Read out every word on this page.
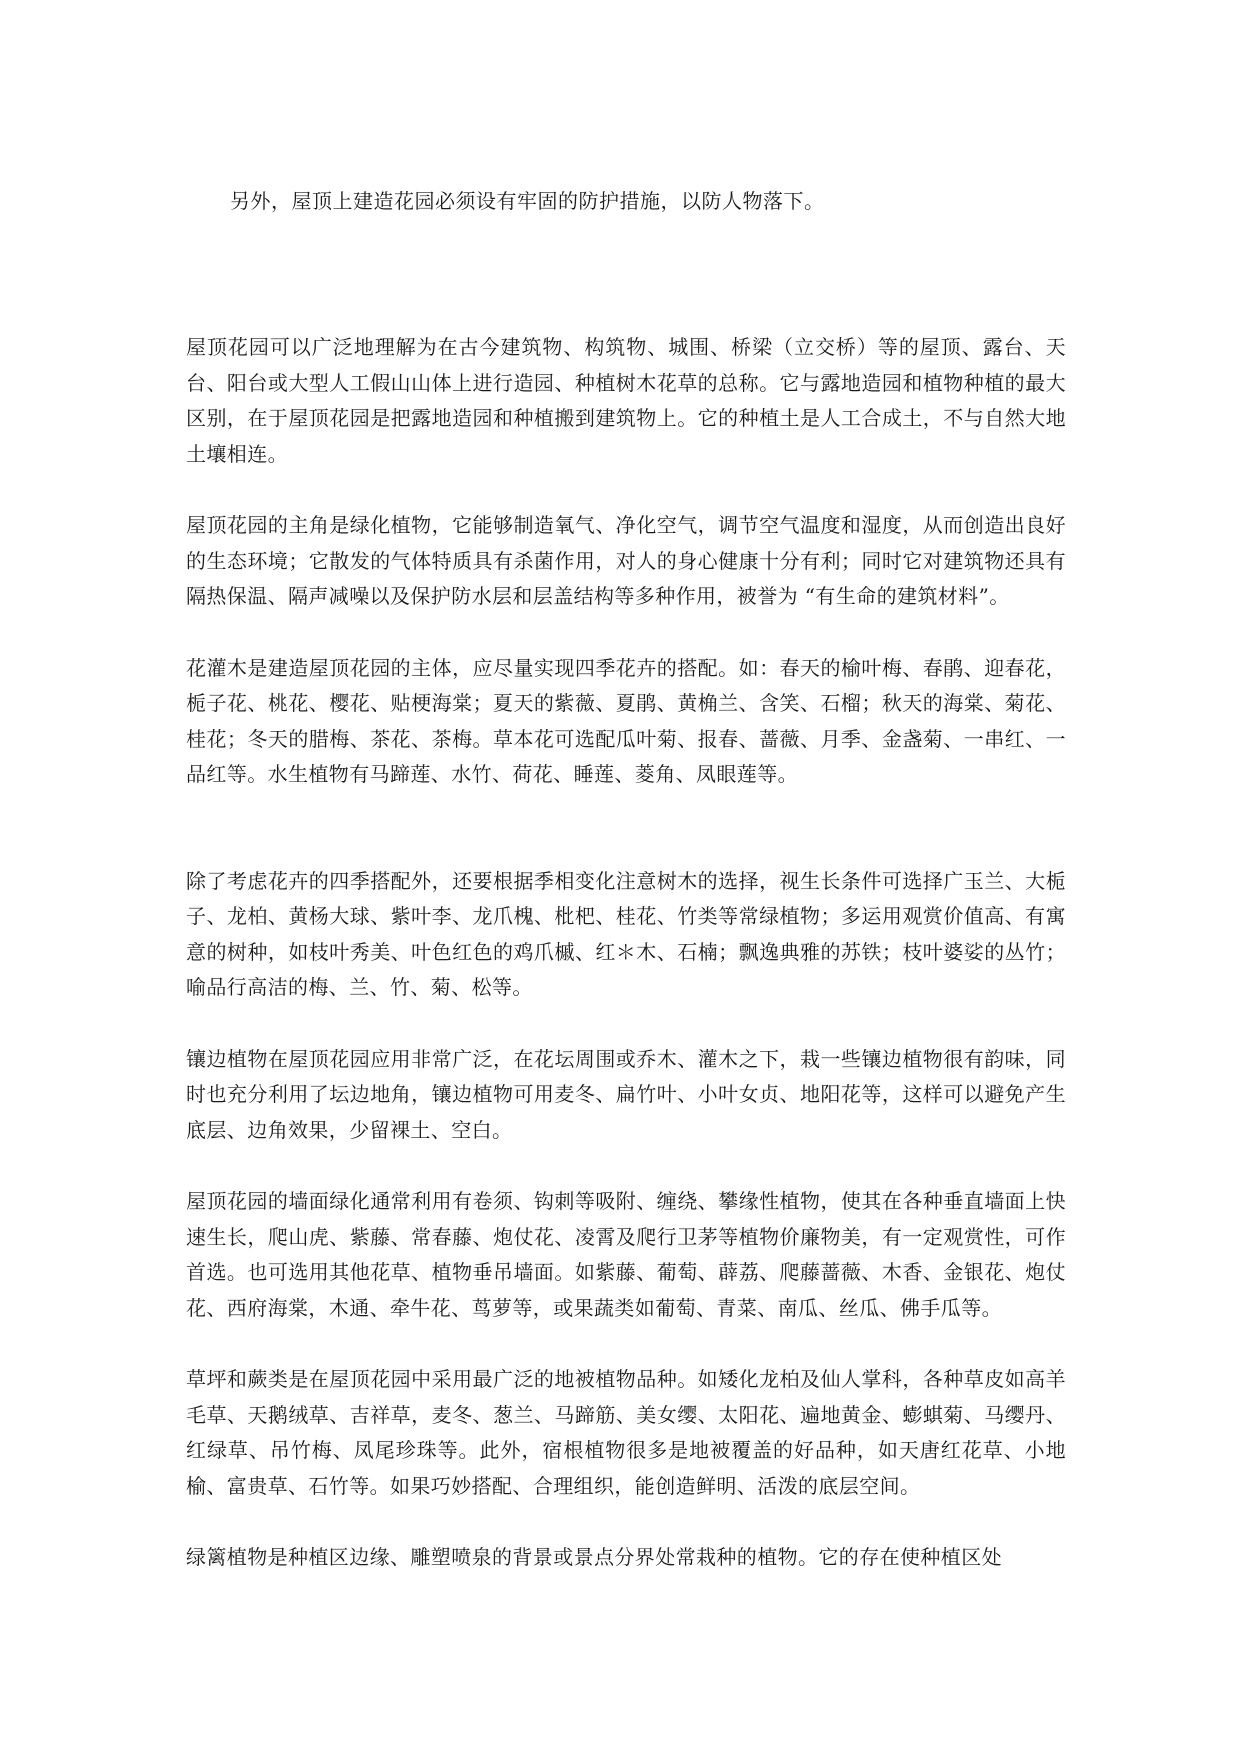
另外，屋顶上建造花园必须设有牢固的防护措施，以防人物落下。

屋顶花园可以广泛地理解为在古今建筑物、构筑物、城围、桥梁（立交桥）等的屋顶、露台、天台、阳台或大型人工假山山体上进行造园、种植树木花草的总称。它与露地造园和植物种植的最大区别，在于屋顶花园是把露地造园和种植搬到建筑物上。它的种植土是人工合成土，不与自然大地土壤相连。

屋顶花园的主角是绿化植物，它能够制造氧气、净化空气，调节空气温度和湿度，从而创造出良好的生态环境；它散发的气体特质具有杀菌作用，对人的身心健康十分有利；同时它对建筑物还具有隔热保温、隔声减噪以及保护防水层和层盖结构等多种作用，被誉为 “有生命的建筑材料”。

花灌木是建造屋顶花园的主体，应尽量实现四季花卉的搭配。如：春天的榆叶梅、春鹃、迎春花，栀子花、桃花、樱花、贴梗海棠；夏天的紫薇、夏鹃、黄桷兰、含笑、石榴；秋天的海棠、菊花、桂花；冬天的腊梅、茶花、茶梅。草本花可选配瓜叶菊、报春、蔷薇、月季、金盏菊、一串红、一品红等。水生植物有马蹄莲、水竹、荷花、睡莲、菱角、凤眼莲等。

除了考虑花卉的四季搭配外，还要根据季相变化注意树木的选择，视生长条件可选择广玉兰、大栀子、龙柏、黄杨大球、紫叶李、龙爪槐、枇杷、桂花、竹类等常绿植物；多运用观赏价值高、有寓意的树种，如枝叶秀美、叶色红色的鸡爪槭、红＊木、石楠；飘逸典雅的苏铁；枝叶婆娑的丛竹；喻品行高洁的梅、兰、竹、菊、松等。

镶边植物在屋顶花园应用非常广泛，在花坛周围或乔木、灌木之下，栽一些镶边植物很有韵味，同时也充分利用了坛边地角，镶边植物可用麦冬、扁竹叶、小叶女贞、地阳花等，这样可以避免产生底层、边角效果，少留裸土、空白。

屋顶花园的墙面绿化通常利用有卷须、钩刺等吸附、缠绕、攀缘性植物，使其在各种垂直墙面上快速生长，爬山虎、紫藤、常春藤、炮仗花、凌霄及爬行卫茅等植物价廉物美，有一定观赏性，可作首选。也可选用其他花草、植物垂吊墙面。如紫藤、葡萄、薜荔、爬藤蔷薇、木香、金银花、炮仗花、西府海棠，木通、牵牛花、茑萝等，或果蔬类如葡萄、青菜、南瓜、丝瓜、佛手瓜等。

草坪和蕨类是在屋顶花园中采用最广泛的地被植物品种。如矮化龙柏及仙人掌科，各种草皮如高羊毛草、天鹅绒草、吉祥草，麦冬、葱兰、马蹄筋、美女缨、太阳花、遍地黄金、蟛蜞菊、马缨丹、红绿草、吊竹梅、凤尾珍珠等。此外，宿根植物很多是地被覆盖的好品种，如天唐红花草、小地榆、富贵草、石竹等。如果巧妙搭配、合理组织，能创造鲜明、活泼的底层空间。

绿篱植物是种植区边缘、雕塑喷泉的背景或景点分界处常栽种的植物。它的存在使种植区处
